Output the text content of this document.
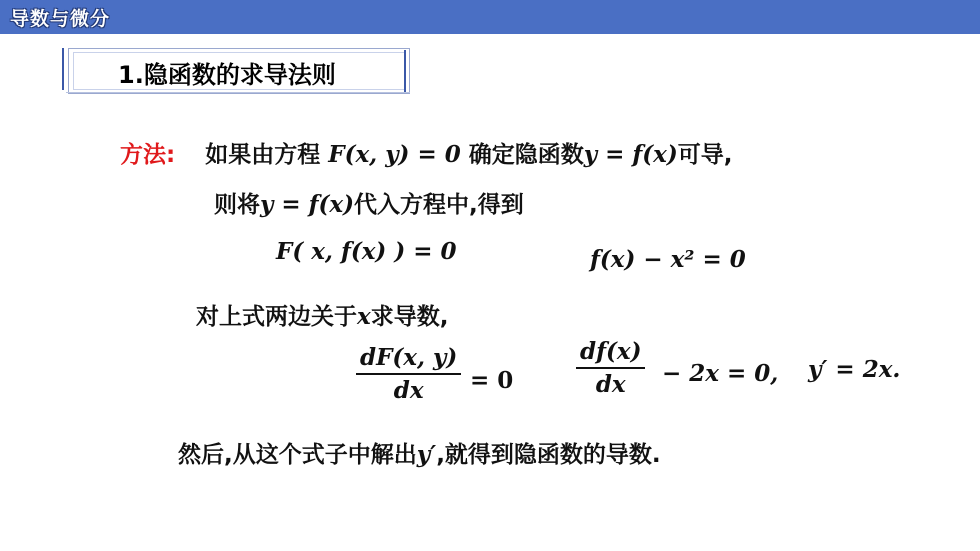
导数与微分
1.隐函数的求导法则
方法: 如果由方程 F(x, y) = 0 确定隐函数y = f(x)可导,
则将y = f(x)代入方程中,得到
F( x, f(x) ) = 0	f(x) − x² = 0
对上式两边关于x求导数,
$\frac{dF(x, y)}{dx} = 0$	$\frac{df(x)}{dx} - 2x = 0$, y′ = 2x.
然后,从这个式子中解出y′,就得到隐函数的导数.
